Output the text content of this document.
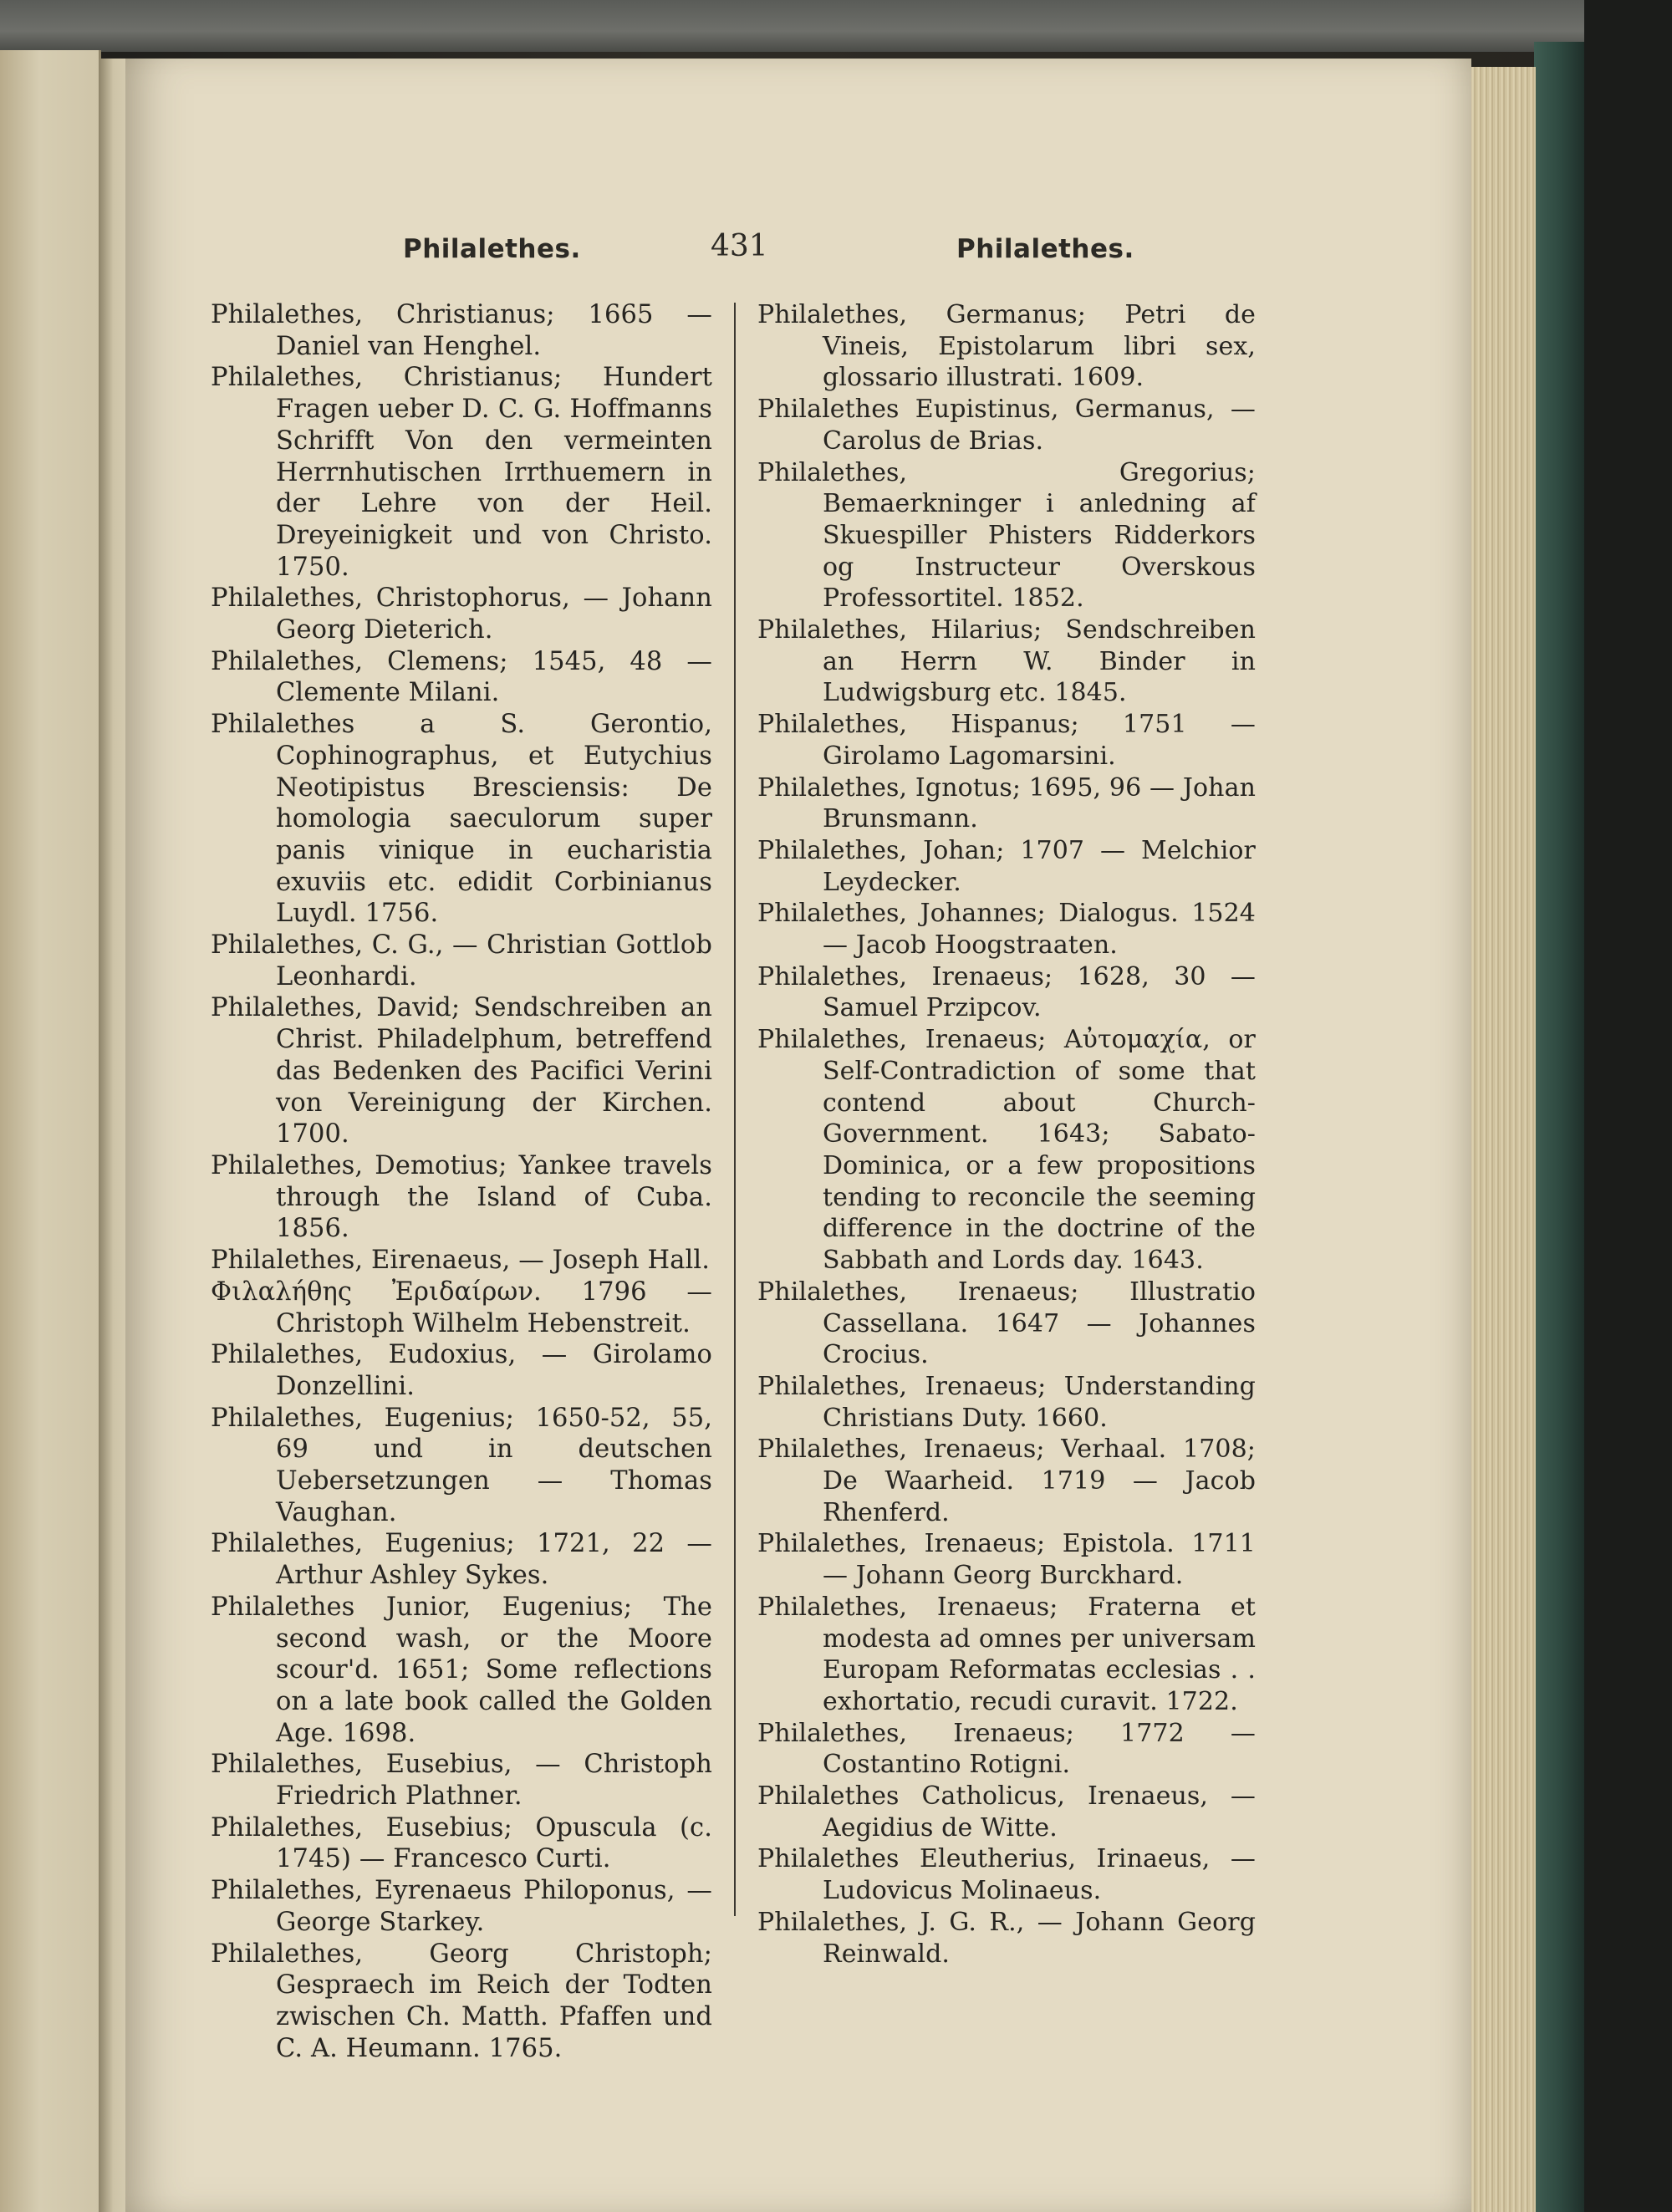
Philalethes.	431	Philalethes.

Philalethes, Christianus; 1665 — Daniel van Henghel.

Philalethes, Christianus; Hundert Fragen ueber D. C. G. Hoffmanns Schrifft Von den vermeinten Herrnhutischen Irrthuemern in der Lehre von der Heil. Dreyeinigkeit und von Christo. 1750.

Philalethes, Christophorus, — Johann Georg Dieterich.

Philalethes, Clemens; 1545, 48 — Clemente Milani.

Philalethes a S. Gerontio, Cophinographus, et Eutychius Neotipistus Bresciensis: De homologia saeculorum super panis vinique in eucharistia exuviis etc. edidit Corbinianus Luydl. 1756.

Philalethes, C. G., — Christian Gottlob Leonhardi.

Philalethes, David; Sendschreiben an Christ. Philadelphum, betreffend das Bedenken des Pacifici Verini von Vereinigung der Kirchen. 1700.

Philalethes, Demotius; Yankee travels through the Island of Cuba. 1856.

Philalethes, Eirenaeus, — Joseph Hall.

Φιλαλήθης Ἐριδαίρων. 1796 — Christoph Wilhelm Hebenstreit.

Philalethes, Eudoxius, — Girolamo Donzellini.

Philalethes, Eugenius; 1650-52, 55, 69 und in deutschen Uebersetzungen — Thomas Vaughan.

Philalethes, Eugenius; 1721, 22 — Arthur Ashley Sykes.

Philalethes Junior, Eugenius; The second wash, or the Moore scour'd. 1651; Some reflections on a late book called the Golden Age. 1698.

Philalethes, Eusebius, — Christoph Friedrich Plathner.

Philalethes, Eusebius; Opuscula (c. 1745) — Francesco Curti.

Philalethes, Eyrenaeus Philoponus, — George Starkey.

Philalethes, Georg Christoph; Gespraech im Reich der Todten zwischen Ch. Matth. Pfaffen und C. A. Heumann. 1765.

Philalethes, Germanus; Petri de Vineis, Epistolarum libri sex, glossario illustrati. 1609.

Philalethes Eupistinus, Germanus, — Carolus de Brias.

Philalethes, Gregorius; Bemaerkninger i anledning af Skuespiller Phisters Ridderkors og Instructeur Overskous Professortitel. 1852.

Philalethes, Hilarius; Sendschreiben an Herrn W. Binder in Ludwigsburg etc. 1845.

Philalethes, Hispanus; 1751 — Girolamo Lagomarsini.

Philalethes, Ignotus; 1695, 96 — Johan Brunsmann.

Philalethes, Johan; 1707 — Melchior Leydecker.

Philalethes, Johannes; Dialogus. 1524 — Jacob Hoogstraaten.

Philalethes, Irenaeus; 1628, 30 — Samuel Przipcov.

Philalethes, Irenaeus; Αὐτομαχία, or Self-Contradiction of some that contend about Church-Government. 1643; Sabato-Dominica, or a few propositions tending to reconcile the seeming difference in the doctrine of the Sabbath and Lords day. 1643.

Philalethes, Irenaeus; Illustratio Cassellana. 1647 — Johannes Crocius.

Philalethes, Irenaeus; Understanding Christians Duty. 1660.

Philalethes, Irenaeus; Verhaal. 1708; De Waarheid. 1719 — Jacob Rhenferd.

Philalethes, Irenaeus; Epistola. 1711 — Johann Georg Burckhard.

Philalethes, Irenaeus; Fraterna et modesta ad omnes per universam Europam Reformatas ecclesias . . exhortatio, recudi curavit. 1722.

Philalethes, Irenaeus; 1772 — Costantino Rotigni.

Philalethes Catholicus, Irenaeus, — Aegidius de Witte.

Philalethes Eleutherius, Irinaeus, — Ludovicus Molinaeus.

Philalethes, J. G. R., — Johann Georg Reinwald.
